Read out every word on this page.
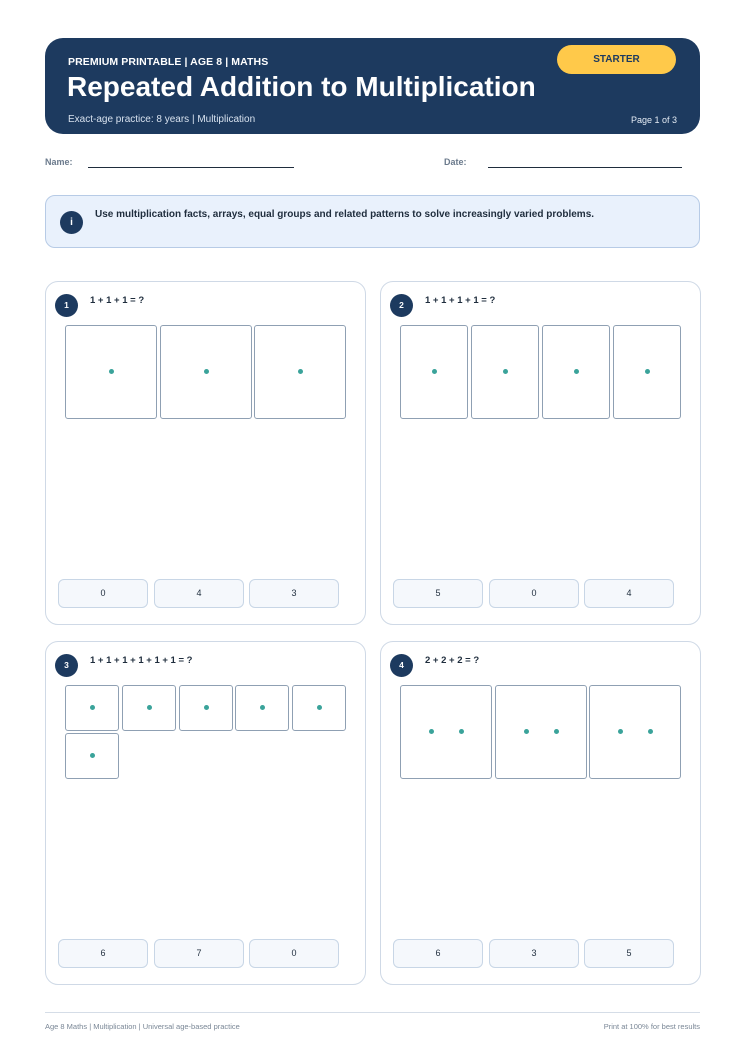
PREMIUM PRINTABLE | AGE 8 | MATHS
Repeated Addition to Multiplication
Exact-age practice: 8 years | Multiplication	Page 1 of 3
STARTER
Name:	Date:
i
Use multiplication facts, arrays, equal groups and related patterns to solve increasingly varied problems.
1	1 + 1 + 1 = ?
0	4	3
2	1 + 1 + 1 + 1 = ?
5	0	4
3	1 + 1 + 1 + 1 + 1 + 1 = ?
6	7	0
4	2 + 2 + 2 = ?
6	3	5
Age 8 Maths | Multiplication | Universal age-based practice	Print at 100% for best results
